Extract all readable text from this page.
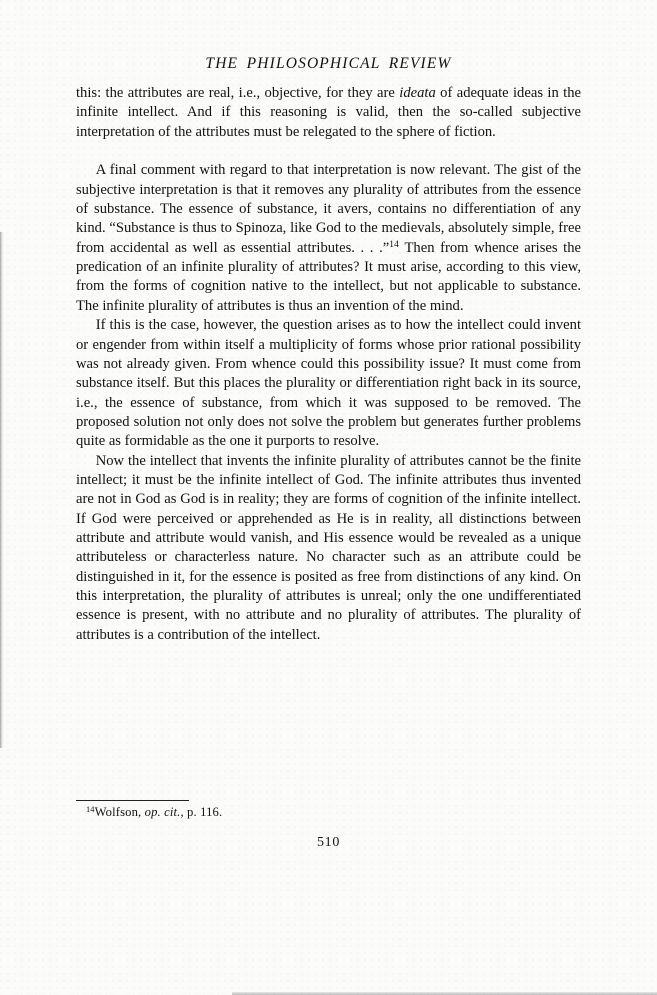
THE PHILOSOPHICAL REVIEW

this: the attributes are real, i.e., objective, for they are ideata of adequate ideas in the infinite intellect. And if this reasoning is valid, then the so-called subjective interpretation of the attributes must be relegated to the sphere of fiction.

A final comment with regard to that interpretation is now relevant. The gist of the subjective interpretation is that it removes any plurality of attributes from the essence of substance. The essence of substance, it avers, contains no differentiation of any kind. “Substance is thus to Spinoza, like God to the medievals, absolutely simple, free from accidental as well as essential attributes. . . .”$^{14}$ Then from whence arises the predication of an infinite plurality of attributes? It must arise, according to this view, from the forms of cognition native to the intellect, but not applicable to substance. The infinite plurality of attributes is thus an invention of the mind.

If this is the case, however, the question arises as to how the intellect could invent or engender from within itself a multiplicity of forms whose prior rational possibility was not already given. From whence could this possibility issue? It must come from substance itself. But this places the plurality or differentiation right back in its source, i.e., the essence of substance, from which it was supposed to be removed. The proposed solution not only does not solve the problem but generates further problems quite as formidable as the one it purports to resolve.

Now the intellect that invents the infinite plurality of attributes cannot be the finite intellect; it must be the infinite intellect of God. The infinite attributes thus invented are not in God as God is in reality; they are forms of cognition of the infinite intellect. If God were perceived or apprehended as He is in reality, all distinctions between attribute and attribute would vanish, and His essence would be revealed as a unique attributeless or characterless nature. No character such as an attribute could be distinguished in it, for the essence is posited as free from distinctions of any kind. On this interpretation, the plurality of attributes is unreal; only the one undifferentiated essence is present, with no attribute and no plurality of attributes. The plurality of attributes is a contribution of the intellect.

$^{14}$Wolfson, op. cit., p. 116.

510
